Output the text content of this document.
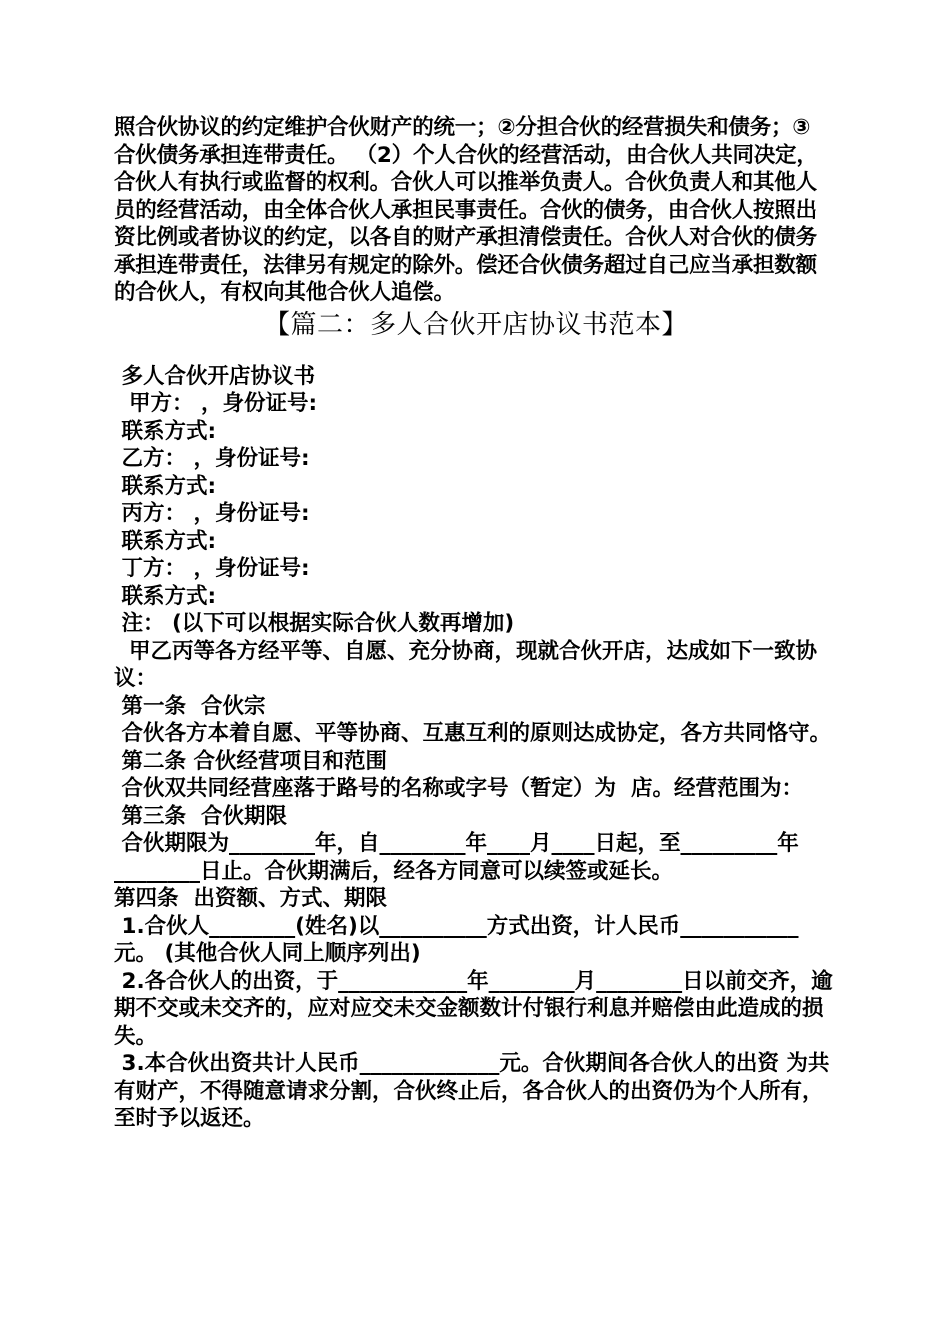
照合伙协议的约定维护合伙财产的统一；②分担合伙的经营损失和债务；③ 合伙债务承担连带责任。 （2）个人合伙的经营活动，由合伙人共同决定，合伙人有执行或监督的权利。合伙人可以推举负责人。合伙负责人和其他人员的经营活动，由全体合伙人承担民事责任。合伙的债务，由合伙人按照出资比例或者协议的约定，以各自的财产承担清偿责任。合伙人对合伙的债务承担连带责任，法律另有规定的除外。偿还合伙债务超过自己应当承担数额的合伙人，有权向其他合伙人追偿。

【篇二：多人合伙开店协议书范本】

多人合伙开店协议书

甲方： ，身份证号:

联系方式:

乙方： ，身份证号:

联系方式:

丙方： ，身份证号:

联系方式:

丁方： ，身份证号:

联系方式:

注： (以下可以根据实际合伙人数再增加)

甲乙丙等各方经平等、自愿、充分协商，现就合伙开店，达成如下一致协议：

第一条  合伙宗

合伙各方本着自愿、平等协商、互惠互利的原则达成协定，各方共同恪守。

第二条 合伙经营项目和范围

合伙双共同经营座落于路号的名称或字号（暂定）为  店。经营范围为：

第三条  合伙期限

合伙期限为________年，自________年____月____日起，至_________年________日止。合伙期满后，经各方同意可以续签或延长。

第四条  出资额、方式、期限

1.合伙人________(姓名)以__________方式出资，计人民币___________元。 (其他合伙人同上顺序列出)

2.各合伙人的出资，于____________年________月________日以前交齐，逾期不交或未交齐的，应对应交未交金额数计付银行利息并赔偿由此造成的损失。

3.本合伙出资共计人民币_____________元。合伙期间各合伙人的出资 为共有财产，不得随意请求分割，合伙终止后，各合伙人的出资仍为个人所有，至时予以返还。
